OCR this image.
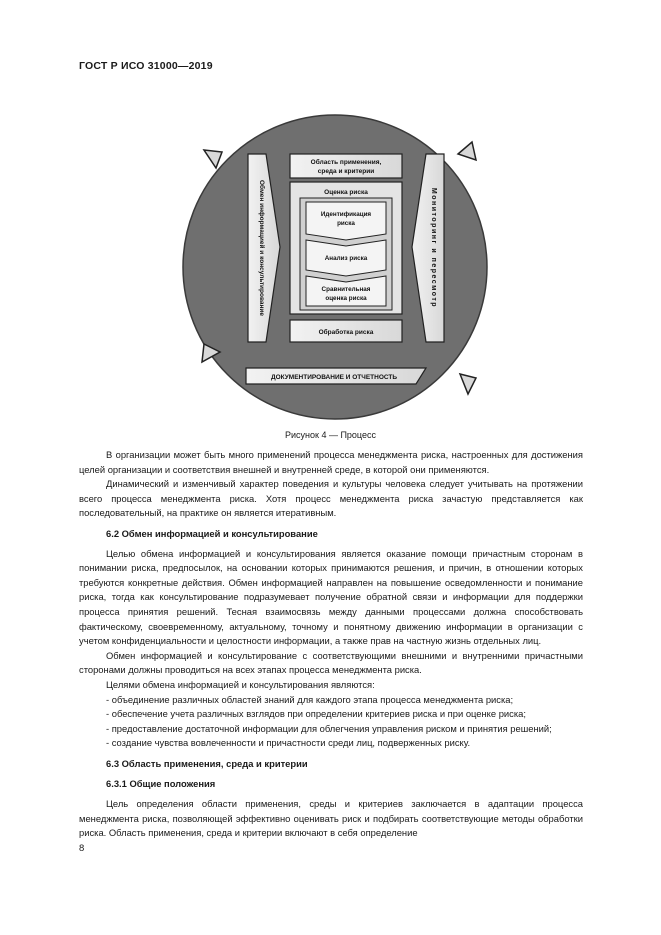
ГОСТ Р ИСО 31000—2019
Обмен информацией и консультирование	Мониторинг и пересмотр
Область применения,
среда и критерии
Оценка риска
Идентификация
риска
Анализ риска
Сравнительная
оценка риска
Обработка риска
ДОКУМЕНТИРОВАНИЕ И ОТЧЕТНОСТЬ
Рисунок 4 — Процесс

В организации может быть много применений процесса менеджмента риска, настроенных для достижения целей организации и соответствия внешней и внутренней среде, в которой они применяются.

Динамический и изменчивый характер поведения и культуры человека следует учитывать на протяжении всего процесса менеджмента риска. Хотя процесс менеджмента риска зачастую представляется как последовательный, на практике он является итеративным.

6.2 Обмен информацией и консультирование

Целью обмена информацией и консультирования является оказание помощи причастным сторонам в понимании риска, предпосылок, на основании которых принимаются решения, и причин, в отношении которых требуются конкретные действия. Обмен информацией направлен на повышение осведомленности и понимание риска, тогда как консультирование подразумевает получение обратной связи и информации для поддержки процесса принятия решений. Тесная взаимосвязь между данными процессами должна способствовать фактическому, своевременному, актуальному, точному и понятному движению информации в организации с учетом конфиденциальности и целостности информации, а также прав на частную жизнь отдельных лиц.

Обмен информацией и консультирование с соответствующими внешними и внутренними причастными сторонами должны проводиться на всех этапах процесса менеджмента риска.

Целями обмена информацией и консультирования являются:

- объединение различных областей знаний для каждого этапа процесса менеджмента риска;

- обеспечение учета различных взглядов при определении критериев риска и при оценке риска;

- предоставление достаточной информации для облегчения управления риском и принятия решений;

- создание чувства вовлеченности и причастности среди лиц, подверженных риску.

6.3 Область применения, среда и критерии
6.3.1 Общие положения

Цель определения области применения, среды и критериев заключается в адаптации процесса менеджмента риска, позволяющей эффективно оценивать риск и подбирать соответствующие методы обработки риска. Область применения, среда и критерии включают в себя определение

8
